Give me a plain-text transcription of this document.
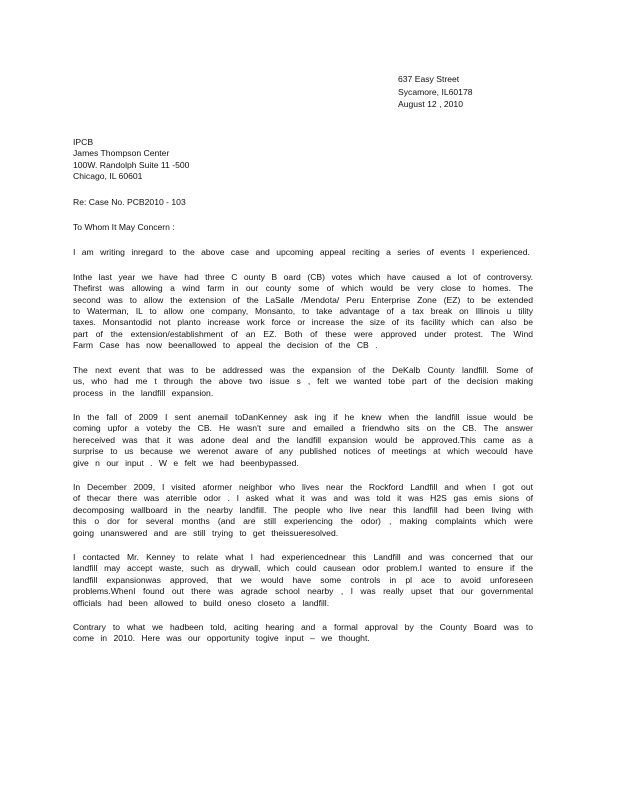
637 Easy Street
Sycamore, IL60178
August 12 , 2010
IPCB
James Thompson Center
100W. Randolph Suite 11 -500
Chicago, IL 60601
Re: Case No. PCB2010 - 103
To Whom It May Concern :

I am writing inregard to the above case and upcoming appeal reciting a series of events I experienced.

Inthe last year we have had three C ounty B oard (CB) votes which have caused a lot of controversy. Thefirst was allowing a wind farm in our county some of which would be very close to homes. The second was to allow the extension of the LaSalle /Mendota/ Peru Enterprise Zone (EZ) to be extended to Waterman, IL to allow one company, Monsanto, to take advantage of a tax break on Illinois u tility taxes. Monsantodid not planto increase work force or increase the size of its facility which can also be part of the extension/establishment of an EZ. Both of these were approved under protest. The Wind Farm Case has now beenallowed to appeal the decision of the CB .

The next event that was to be addressed was the expansion of the DeKalb County landfill. Some of us, who had me t through the above two issue s , felt we wanted tobe part of the decision making process in the landfill expansion.

In the fall of 2009 I sent anemail toDanKenney ask ing if he knew when the landfill issue would be coming upfor a voteby the CB. He wasn't sure and emailed a friendwho sits on the CB. The answer hereceived was that it was adone deal and the landfill expansion would be approved.This came as a surprise to us because we werenot aware of any published notices of meetings at which wecould have give n our input . W e felt we had beenbypassed.

In December 2009, I visited aformer neighbor who lives near the Rockford Landfill and when I got out of thecar there was aterrible odor . I asked what it was and was told it was H2S gas emis sions of decomposing wallboard in the nearby landfill. The people who live near this landfill had been living with this o dor for several months (and are still experiencing the odor) , making complaints which were going unanswered and are still trying to get theissueresolved.

I contacted Mr. Kenney to relate what I had experiencednear this Landfill and was concerned that our landfill may accept waste, such as drywall, which could causean odor problem.I wanted to ensure if the landfill expansionwas approved, that we would have some controls in pl ace to avoid unforeseen problems.WhenI found out there was agrade school nearby , I was really upset that our governmental officials had been allowed to build oneso closeto a landfill.

Contrary to what we hadbeen told, aciting hearing and a formal approval by the County Board was to come in 2010. Here was our opportunity togive input – we thought.
